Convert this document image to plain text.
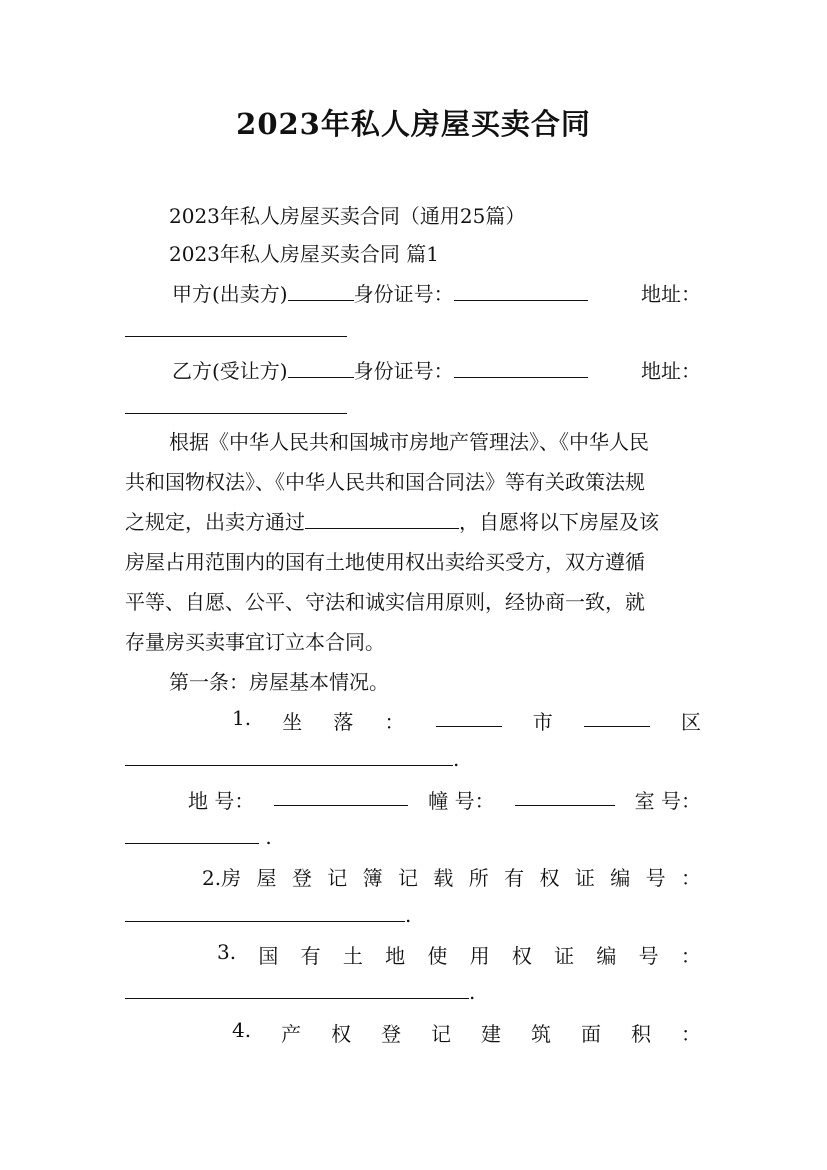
2023年私人房屋买卖合同
2023年私人房屋买卖合同（通用25篇）
2023年私人房屋买卖合同 篇1
甲方(出卖方)	身份证号：	地址：
乙方(受让方)	身份证号：	地址：
根据《中华人民共和国城市房地产管理法》、《中华人民
共和国物权法》、《中华人民共和国合同法》等有关政策法规
之规定，出卖方通过	，自愿将以下房屋及该
房屋占用范围内的国有土地使用权出卖给买受方，双方遵循
平等、自愿、公平、守法和诚实信用原则，经协商一致，就
存量房买卖事宜订立本合同。
第一条：房屋基本情况。
1. 坐 落 ：	市	区
.
地 号：	幢 号：	室 号：
.
2.房 屋 登 记 簿 记 载 所 有 权 证 编 号 ：
.
3. 国 有 土 地 使 用 权 证 编 号 ：
.
4. 产 权 登 记 建 筑 面 积 ：
